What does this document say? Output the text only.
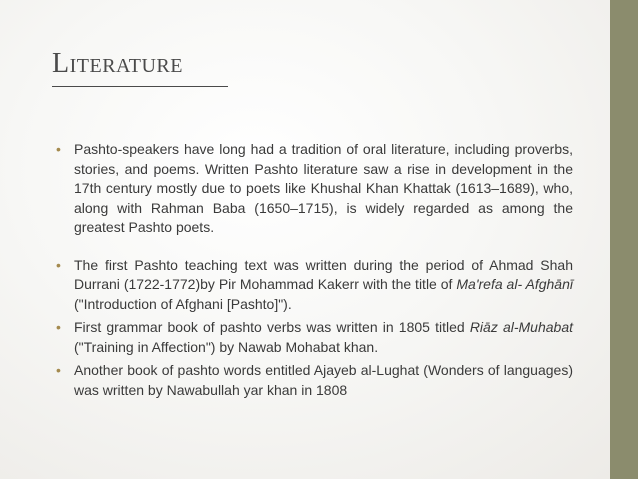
Literature
• Pashto-speakers have long had a tradition of oral literature, including proverbs, stories, and poems. Written Pashto literature saw a rise in development in the 17th century mostly due to poets like Khushal Khan Khattak (1613–1689), who, along with Rahman Baba (1650–1715), is widely regarded as among the greatest Pashto poets.
• The first Pashto teaching text was written during the period of Ahmad Shah Durrani (1722-1772)by Pir Mohammad Kakerr with the title of Ma'refa al- Afghānī ("Introduction of Afghani [Pashto]").
• First grammar book of pashto verbs was written in 1805 titled Riāz al-Muhabat ("Training in Affection") by Nawab Mohabat khan.
• Another book of pashto words entitled Ajayeb al-Lughat (Wonders of languages) was written by Nawabullah yar khan in 1808
